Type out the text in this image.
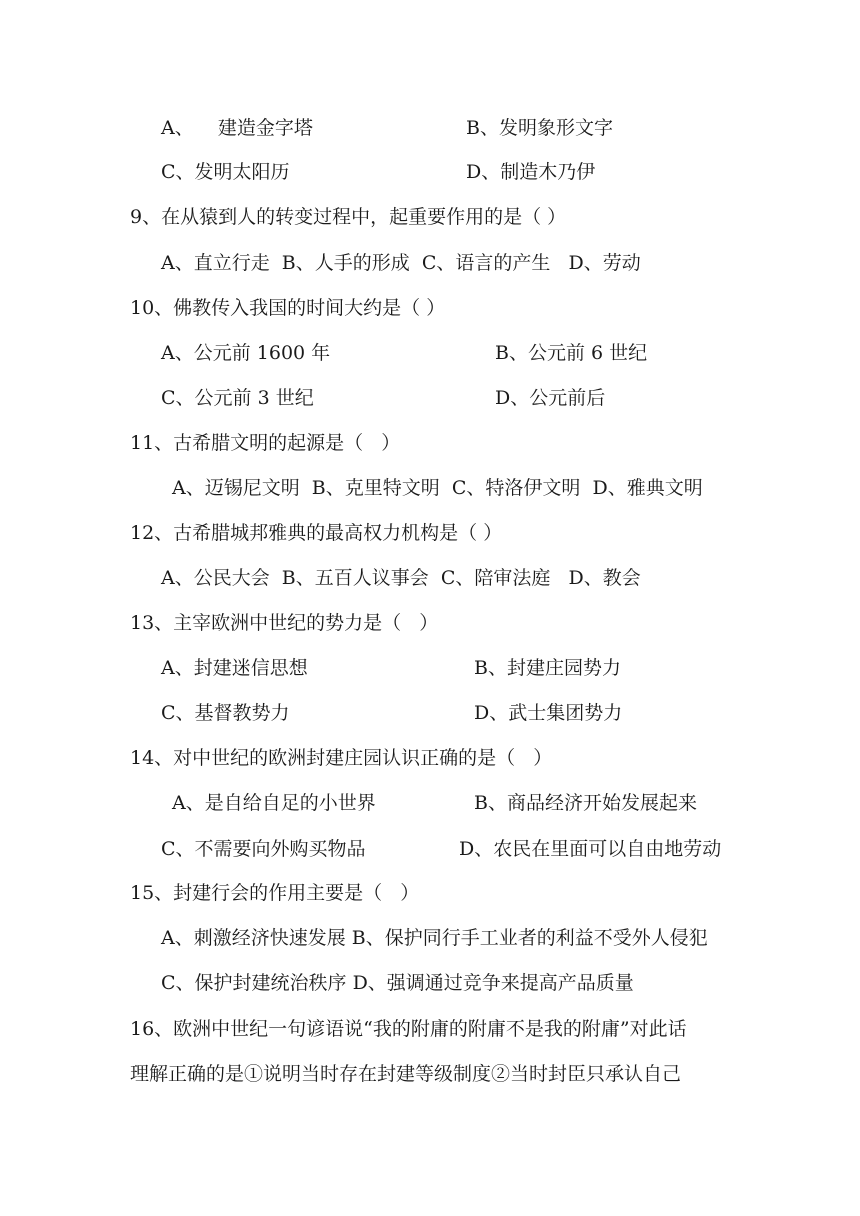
A、    建造金字塔	B、发明象形文字
C、发明太阳历	D、制造木乃伊
9、在从猿到人的转变过程中，起重要作用的是（ ）
A、直立行走  B、人手的形成  C、语言的产生   D、劳动
10、佛教传入我国的时间大约是（ ）
A、公元前 1600 年	B、公元前 6 世纪
C、公元前 3 世纪	D、公元前后
11、古希腊文明的起源是（   ）
A、迈锡尼文明  B、克里特文明  C、特洛伊文明  D、雅典文明
12、古希腊城邦雅典的最高权力机构是（ ）
A、公民大会  B、五百人议事会  C、陪审法庭   D、教会
13、主宰欧洲中世纪的势力是（   ）
A、封建迷信思想	B、封建庄园势力
C、基督教势力	D、武士集团势力
14、对中世纪的欧洲封建庄园认识正确的是（   ）
A、是自给自足的小世界	B、商品经济开始发展起来
C、不需要向外购买物品	D、农民在里面可以自由地劳动
15、封建行会的作用主要是（   ）
A、刺激经济快速发展 B、保护同行手工业者的利益不受外人侵犯
C、保护封建统治秩序 D、强调通过竞争来提高产品质量
16、欧洲中世纪一句谚语说“我的附庸的附庸不是我的附庸”对此话
理解正确的是①说明当时存在封建等级制度②当时封臣只承认自己
